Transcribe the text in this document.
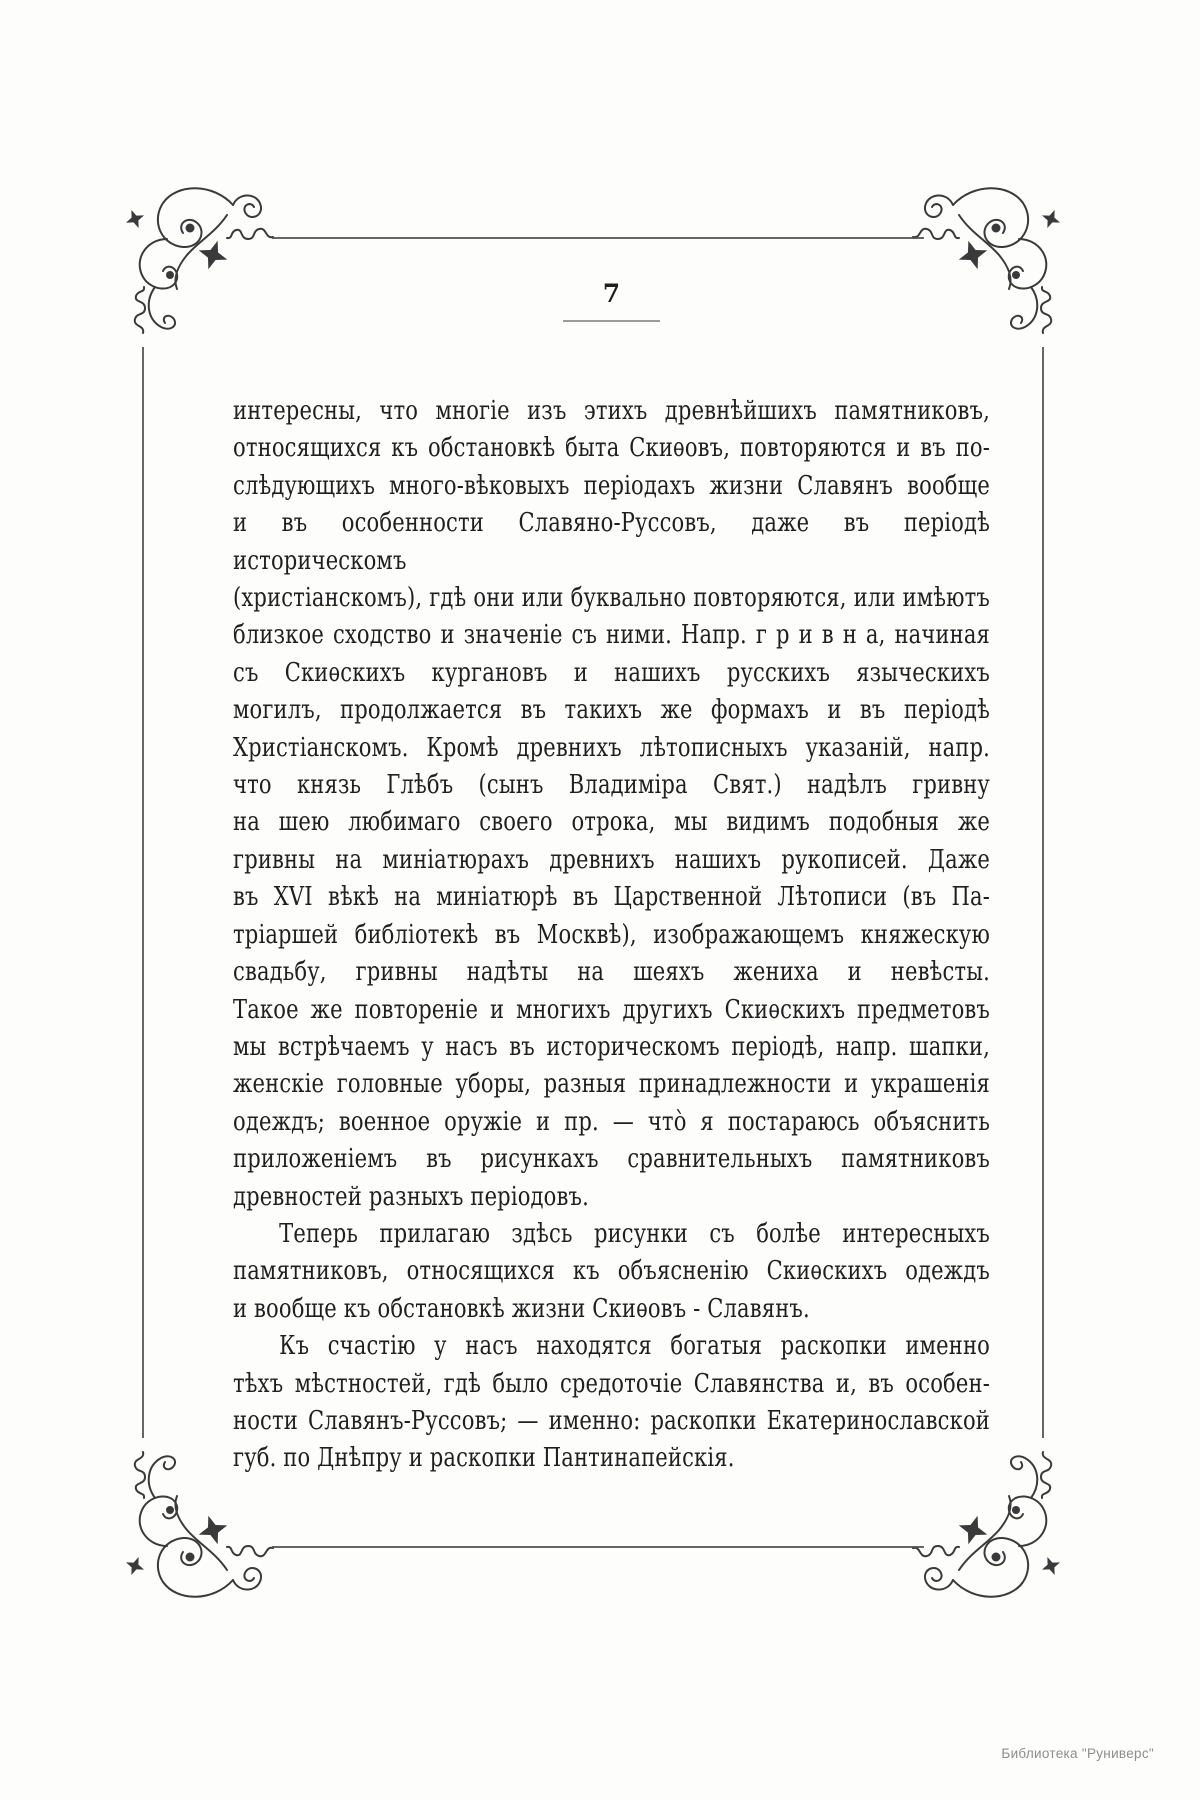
7
интересны, что многіе изъ этихъ древнѣйшихъ памятниковъ,
относящихся къ обстановкѣ быта Скиѳовъ, повторяются и въ по-
слѣдующихъ много-вѣковыхъ періодахъ жизни Славянъ вообще
и въ особенности Славяно-Руссовъ, даже въ періодѣ историческомъ
(христіанскомъ), гдѣ они или буквально повторяются, или имѣютъ
близкое сходство и значеніе съ ними. Напр. г р и в н а, начиная
съ Скиѳскихъ кургановъ и нашихъ русскихъ языческихъ
могилъ, продолжается въ такихъ же формахъ и въ періодѣ
Христіанскомъ. Кромѣ древнихъ лѣтописныхъ указаній, напр.
что князь Глѣбъ (сынъ Владиміра Свят.) надѣлъ гривну
на шею любимаго своего отрока, мы видимъ подобныя же
гривны на миніатюрахъ древнихъ нашихъ рукописей. Даже
въ XVI вѣкѣ на миніатюрѣ въ Царственной Лѣтописи (въ Па-
тріаршей библіотекѣ въ Москвѣ), изображающемъ княжескую
свадьбу, гривны надѣты на шеяхъ жениха и невѣсты.
Такое же повтореніе и многихъ другихъ Скиѳскихъ предметовъ
мы встрѣчаемъ у насъ въ историческомъ періодѣ, напр. шапки,
женскіе головные уборы, разныя принадлежности и украшенія
одеждъ; военное оружіе и пр. — что̀ я постараюсь объяснить
приложеніемъ въ рисункахъ сравнительныхъ памятниковъ
древностей разныхъ періодовъ.
Теперь прилагаю здѣсь рисунки съ болѣе интересныхъ
памятниковъ, относящихся къ объясненію Скиѳскихъ одеждъ
и вообще къ обстановкѣ жизни Скиѳовъ - Славянъ.
Къ счастію у насъ находятся богатыя раскопки именно
тѣхъ мѣстностей, гдѣ было средоточіе Славянства и, въ особен-
ности Славянъ-Руссовъ; — именно: раскопки Екатеринославской
губ. по Днѣпру и раскопки Пантинапейскія.
Библиотека "Руниверс"
